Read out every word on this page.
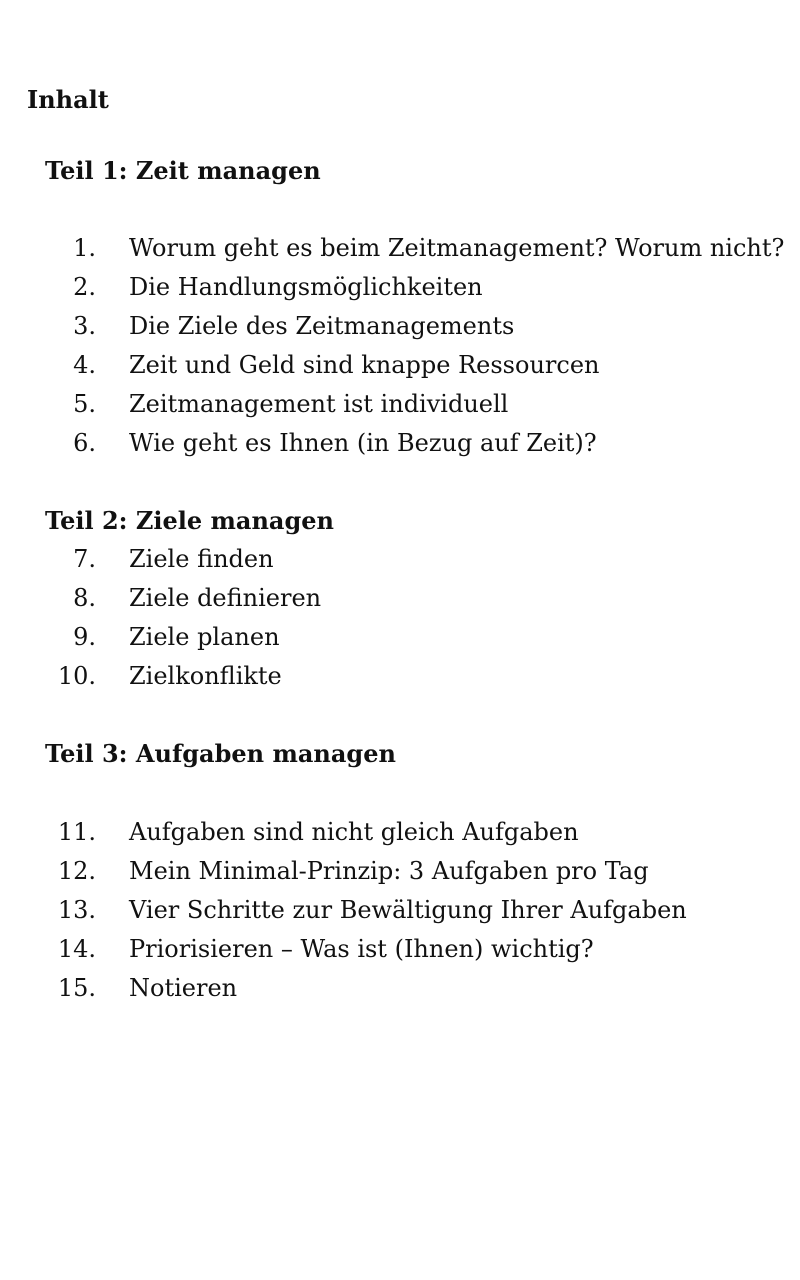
Inhalt
Teil 1: Zeit managen
1. Worum geht es beim Zeitmanagement? Worum nicht?
2. Die Handlungsmöglichkeiten
3. Die Ziele des Zeitmanagements
4. Zeit und Geld sind knappe Ressourcen
5. Zeitmanagement ist individuell
6. Wie geht es Ihnen (in Bezug auf Zeit)?
Teil 2: Ziele managen
7. Ziele finden
8. Ziele definieren
9. Ziele planen
10. Zielkonflikte
Teil 3: Aufgaben managen
11. Aufgaben sind nicht gleich Aufgaben
12. Mein Minimal-Prinzip: 3 Aufgaben pro Tag
13. Vier Schritte zur Bewältigung Ihrer Aufgaben
14. Priorisieren – Was ist (Ihnen) wichtig?
15. Notieren
